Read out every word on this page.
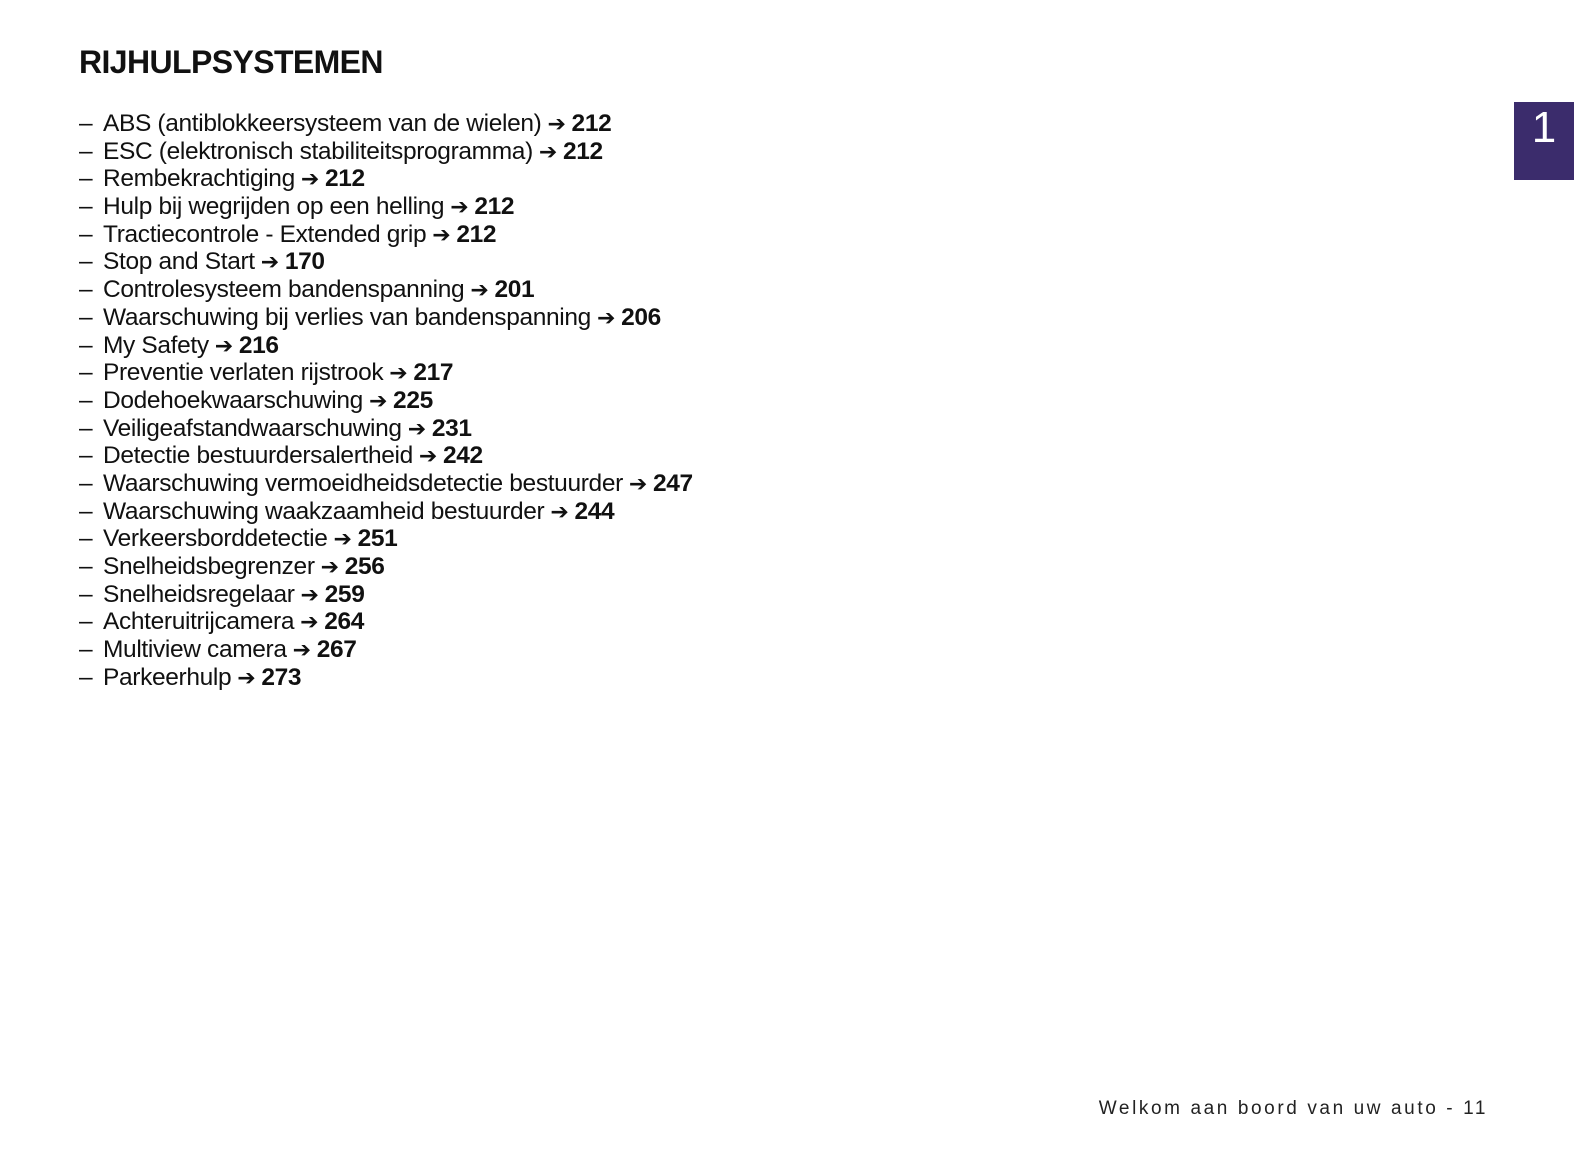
RIJHULPSYSTEMEN
– ABS (antiblokkeersysteem van de wielen) ➔ 212
– ESC (elektronisch stabiliteitsprogramma) ➔ 212
– Rembekrachtiging ➔ 212
– Hulp bij wegrijden op een helling ➔ 212
– Tractiecontrole - Extended grip ➔ 212
– Stop and Start ➔ 170
– Controlesysteem bandenspanning ➔ 201
– Waarschuwing bij verlies van bandenspanning ➔ 206
– My Safety ➔ 216
– Preventie verlaten rijstrook ➔ 217
– Dodehoekwaarschuwing ➔ 225
– Veiligeafstandwaarschuwing ➔ 231
– Detectie bestuurdersalertheid ➔ 242
– Waarschuwing vermoeidheidsdetectie bestuurder ➔ 247
– Waarschuwing waakzaamheid bestuurder ➔ 244
– Verkeersborddetectie ➔ 251
– Snelheidsbegrenzer ➔ 256
– Snelheidsregelaar ➔ 259
– Achteruitrijcamera ➔ 264
– Multiview camera ➔ 267
– Parkeerhulp ➔ 273
1
Welkom aan boord van uw auto - 11
